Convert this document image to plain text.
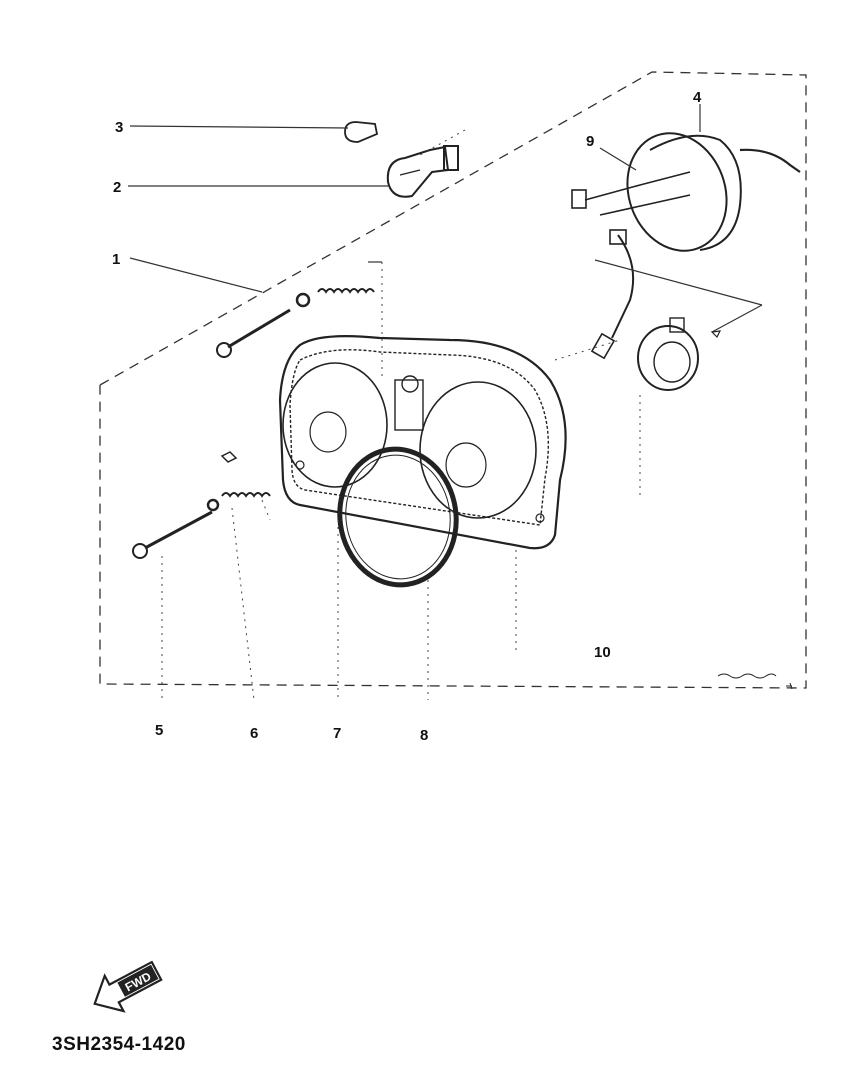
1
2
3
4
5	6	7	8
9
10
FWD
3SH2354-1420
